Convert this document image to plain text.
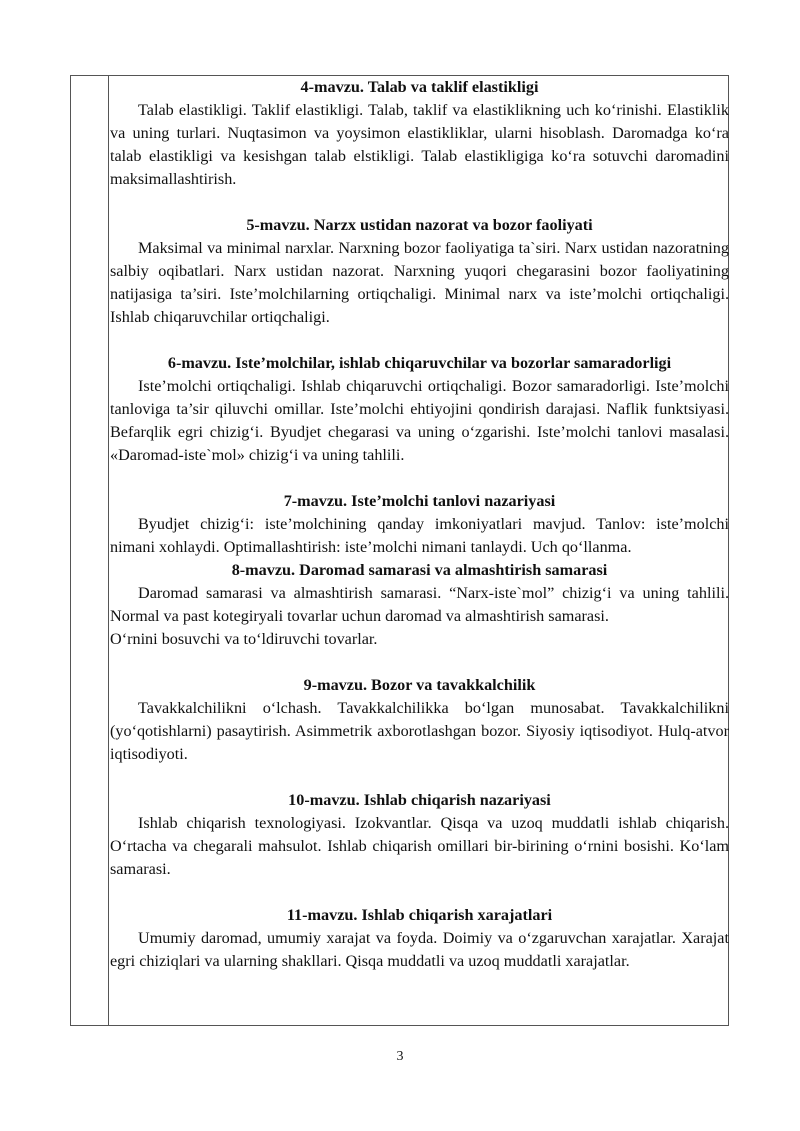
4-mavzu. Talab va taklif elastikligi

Talab elastikligi. Taklif elastikligi. Talab, taklif va elastiklikning uch ko‘rinishi. Elastiklik va uning turlari. Nuqtasimon va yoysimon elastikliklar, ularni hisoblash. Daromadga ko‘ra talab elastikligi va kesishgan talab elstikligi. Talab elastikligiga ko‘ra sotuvchi daromadini maksimallashtirish.

5-mavzu. Narzx ustidan nazorat va bozor faoliyati

Maksimal va minimal narxlar. Narxning bozor faoliyatiga ta`siri. Narx ustidan nazoratning salbiy oqibatlari. Narx ustidan nazorat. Narxning yuqori chegarasini bozor faoliyatining natijasiga ta’siri. Iste’molchilarning ortiqchaligi. Minimal narx va iste’molchi ortiqchaligi. Ishlab chiqaruvchilar ortiqchaligi.

6-mavzu. Iste’molchilar, ishlab chiqaruvchilar va bozorlar samaradorligi

Iste’molchi ortiqchaligi. Ishlab chiqaruvchi ortiqchaligi. Bozor samaradorligi. Iste’molchi tanloviga ta’sir qiluvchi omillar. Iste’molchi ehtiyojini qondirish darajasi. Naflik funktsiyasi. Befarqlik egri chizig‘i. Byudjet chegarasi va uning o‘zgarishi. Iste’molchi tanlovi masalasi. «Daromad-iste`mol» chizig‘i va uning tahlili.

7-mavzu. Iste’molchi tanlovi nazariyasi

Byudjet chizig‘i: iste’molchining qanday imkoniyatlari mavjud. Tanlov: iste’molchi nimani xohlaydi. Optimallashtirish: iste’molchi nimani tanlaydi. Uch qo‘llanma.

8-mavzu. Daromad samarasi va almashtirish samarasi

Daromad samarasi va almashtirish samarasi. “Narx-iste`mol” chizig‘i va uning tahlili. Normal va past kotegiryali tovarlar uchun daromad va almashtirish samarasi.

O‘rnini bosuvchi va to‘ldiruvchi tovarlar.

9-mavzu. Bozor va tavakkalchilik

Tavakkalchilikni o‘lchash. Tavakkalchilikka bo‘lgan munosabat. Tavakkalchilikni (yo‘qotishlarni) pasaytirish. Asimmetrik axborotlashgan bozor. Siyosiy iqtisodiyot. Hulq-atvor iqtisodiyoti.

10-mavzu. Ishlab chiqarish nazariyasi

Ishlab chiqarish texnologiyasi. Izokvantlar. Qisqa va uzoq muddatli ishlab chiqarish. O‘rtacha va chegarali mahsulot. Ishlab chiqarish omillari bir-birining o‘rnini bosishi. Ko‘lam samarasi.

11-mavzu. Ishlab chiqarish xarajatlari

Umumiy daromad, umumiy xarajat va foyda. Doimiy va o‘zgaruvchan xarajatlar. Xarajat egri chiziqlari va ularning shakllari. Qisqa muddatli va uzoq muddatli xarajatlar.

3
